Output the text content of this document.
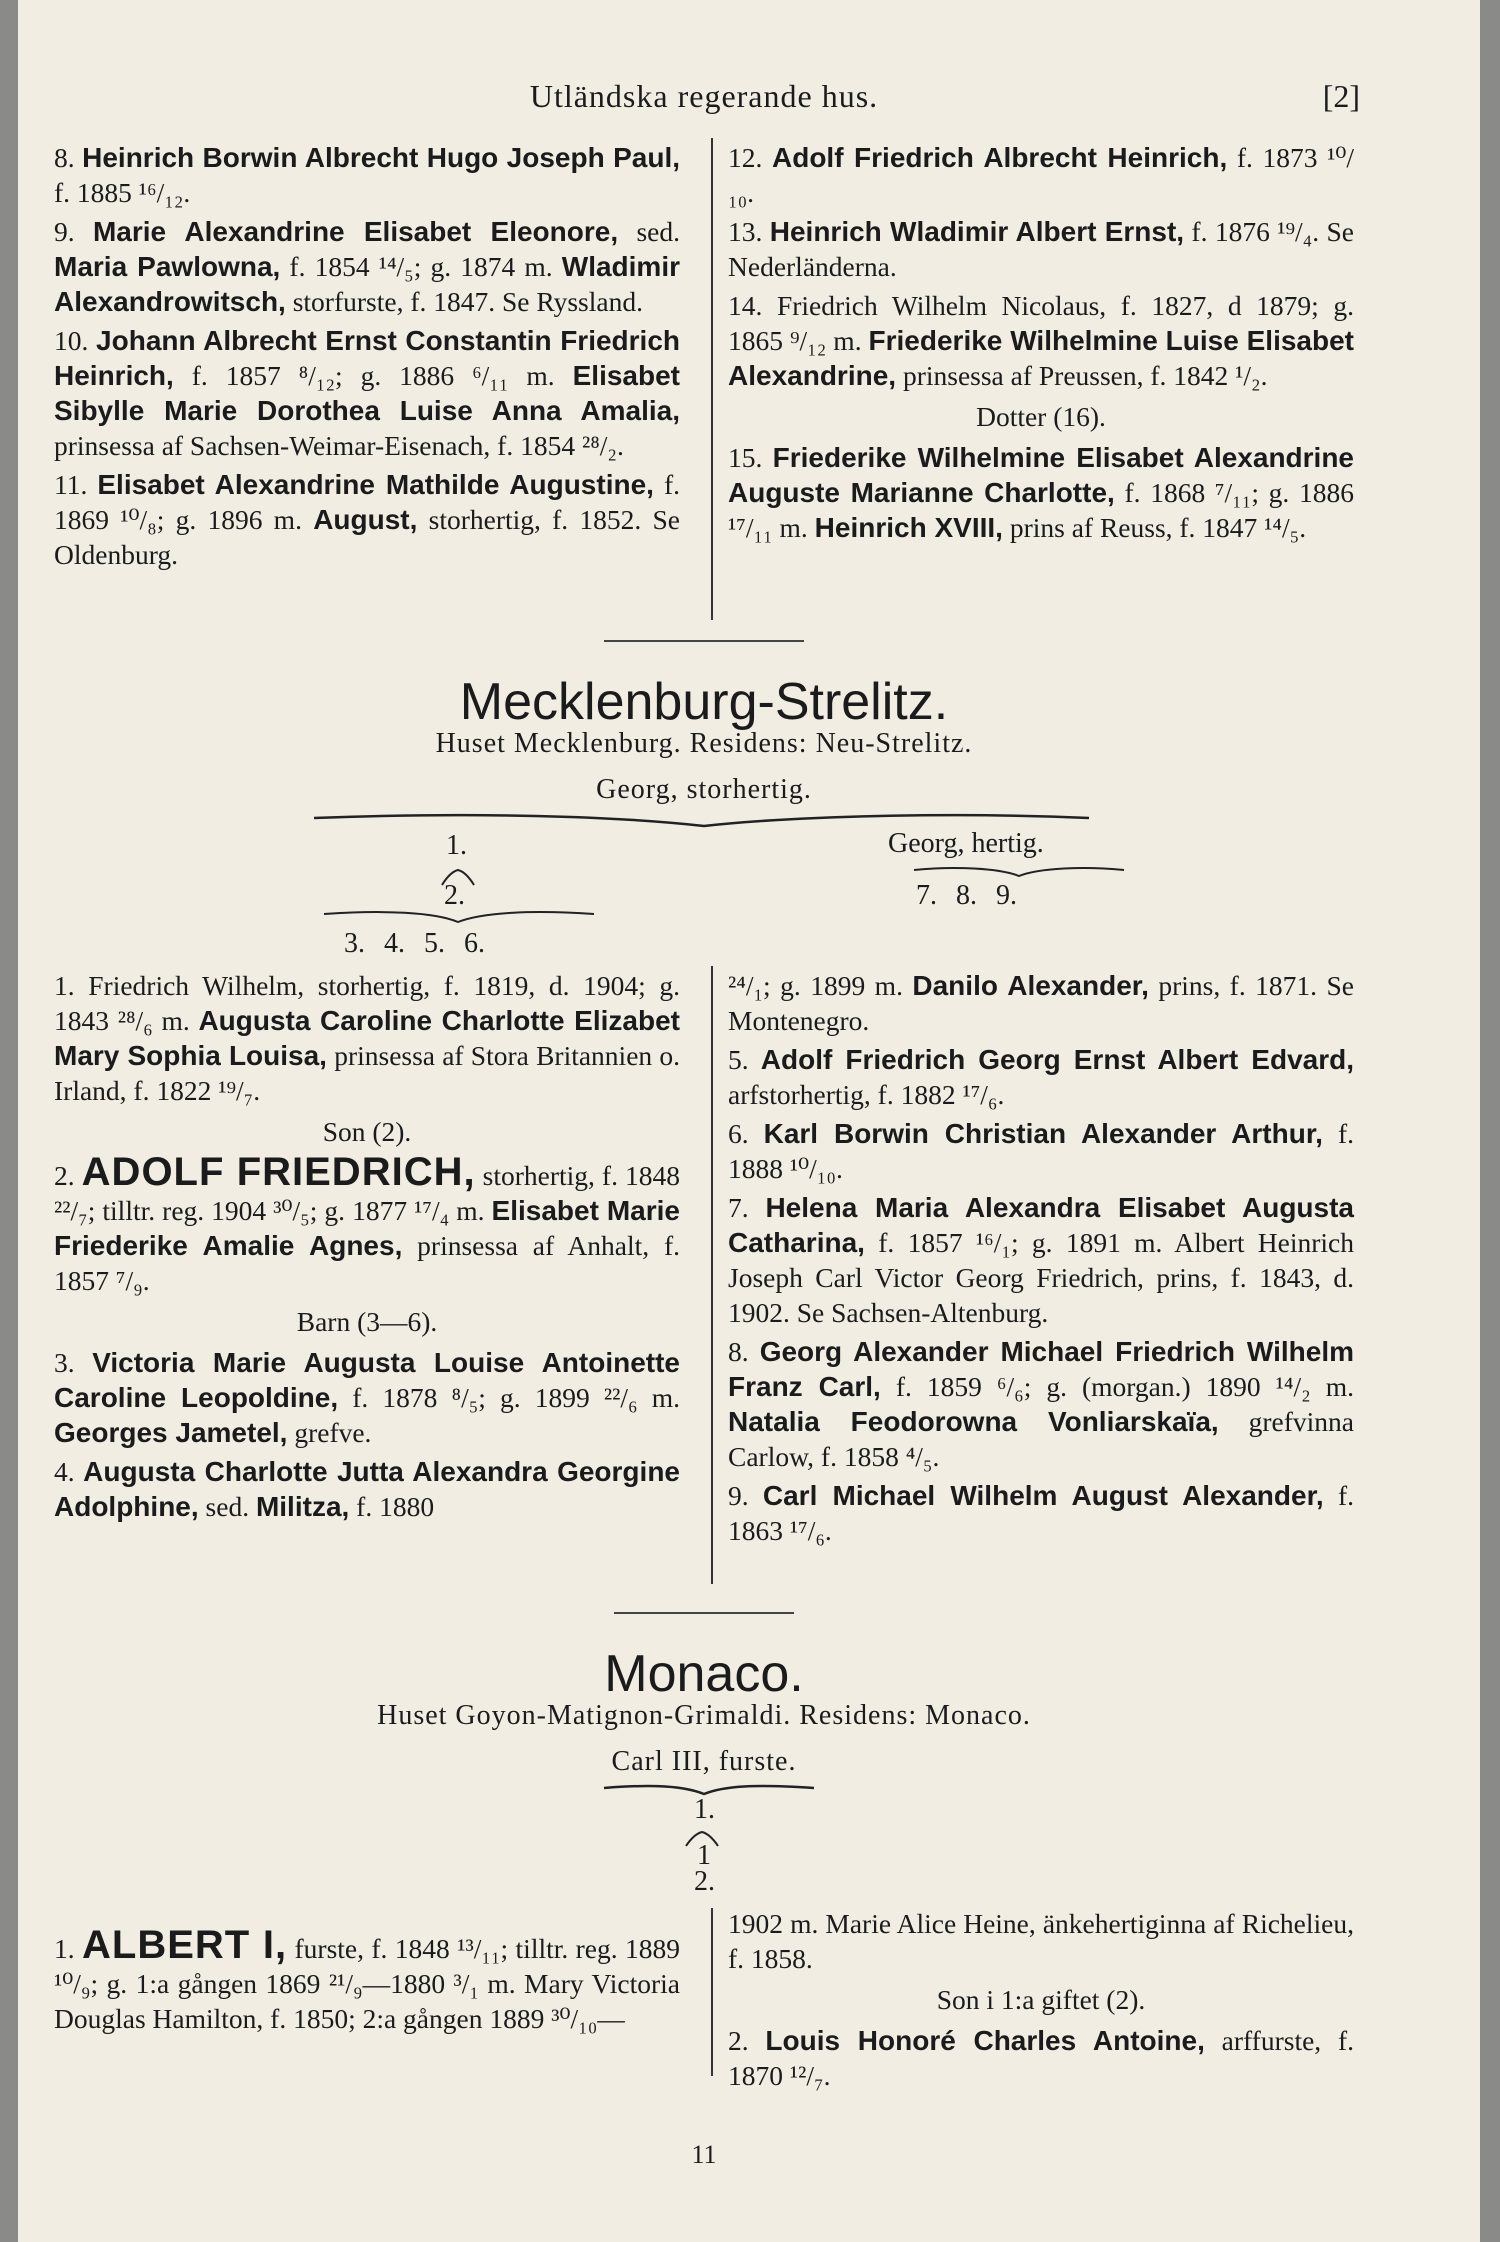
Utländska regerande hus.	[2]

8. Heinrich Borwin Albrecht Hugo Joseph Paul, f. 1885 ¹⁶/₁₂.

9. Marie Alexandrine Elisabet Eleonore, sed. Maria Pawlowna, f. 1854 ¹⁴/₅; g. 1874 m. Wladimir Alexandrowitsch, storfurste, f. 1847. Se Ryssland.

10. Johann Albrecht Ernst Constantin Friedrich Heinrich, f. 1857 ⁸/₁₂; g. 1886 ⁶/₁₁ m. Elisabet Sibylle Marie Dorothea Luise Anna Amalia, prinsessa af Sachsen-Weimar-Eisenach, f. 1854 ²⁸/₂.

11. Elisabet Alexandrine Mathilde Augustine, f. 1869 ¹⁰/₈; g. 1896 m. August, storhertig, f. 1852. Se Oldenburg.

12. Adolf Friedrich Albrecht Heinrich, f. 1873 ¹⁰/₁₀.

13. Heinrich Wladimir Albert Ernst, f. 1876 ¹⁹/₄. Se Nederländerna.

14. Friedrich Wilhelm Nicolaus, f. 1827, d 1879; g. 1865 ⁹/₁₂ m. Friederike Wilhelmine Luise Elisabet Alexandrine, prinsessa af Preussen, f. 1842 ¹/₂.

Dotter (16).

15. Friederike Wilhelmine Elisabet Alexandrine Auguste Marianne Charlotte, f. 1868 ⁷/₁₁; g. 1886 ¹⁷/₁₁ m. Heinrich XVIII, prins af Reuss, f. 1847 ¹⁴/₅.

Mecklenburg-Strelitz.
Huset Mecklenburg. Residens: Neu-Strelitz.
Georg, storhertig.
1.
2.
3. 4. 5. 6.
Georg, hertig.
7. 8. 9.

1. Friedrich Wilhelm, storhertig, f. 1819, d. 1904; g. 1843 ²⁸/₆ m. Augusta Caroline Charlotte Elizabet Mary Sophia Louisa, prinsessa af Stora Britannien o. Irland, f. 1822 ¹⁹/₇.

Son (2).

2. ADOLF FRIEDRICH, storhertig, f. 1848 ²²/₇; tilltr. reg. 1904 ³⁰/₅; g. 1877 ¹⁷/₄ m. Elisabet Marie Friederike Amalie Agnes, prinsessa af Anhalt, f. 1857 ⁷/₉.

Barn (3—6).

3. Victoria Marie Augusta Louise Antoinette Caroline Leopoldine, f. 1878 ⁸/₅; g. 1899 ²²/₆ m. Georges Jametel, grefve.

4. Augusta Charlotte Jutta Alexandra Georgine Adolphine, sed. Militza, f. 1880

²⁴/₁; g. 1899 m. Danilo Alexander, prins, f. 1871. Se Montenegro.

5. Adolf Friedrich Georg Ernst Albert Edvard, arfstorhertig, f. 1882 ¹⁷/₆.

6. Karl Borwin Christian Alexander Arthur, f. 1888 ¹⁰/₁₀.

7. Helena Maria Alexandra Elisabet Augusta Catharina, f. 1857 ¹⁶/₁; g. 1891 m. Albert Heinrich Joseph Carl Victor Georg Friedrich, prins, f. 1843, d. 1902. Se Sachsen-Altenburg.

8. Georg Alexander Michael Friedrich Wilhelm Franz Carl, f. 1859 ⁶/₆; g. (morgan.) 1890 ¹⁴/₂ m. Natalia Feodorowna Vonliarskaïa, grefvinna Carlow, f. 1858 ⁴/₅.

9. Carl Michael Wilhelm August Alexander, f. 1863 ¹⁷/₆.

Monaco.
Huset Goyon-Matignon-Grimaldi. Residens: Monaco.
Carl III, furste.
1.
1
2.

1. ALBERT I, furste, f. 1848 ¹³/₁₁; tilltr. reg. 1889 ¹⁰/₉; g. 1:a gången 1869 ²¹/₉—1880 ³/₁ m. Mary Victoria Douglas Hamilton, f. 1850; 2:a gången 1889 ³⁰/₁₀—

1902 m. Marie Alice Heine, änkehertiginna af Richelieu, f. 1858.

Son i 1:a giftet (2).

2. Louis Honoré Charles Antoine, arffurste, f. 1870 ¹²/₇.

11
